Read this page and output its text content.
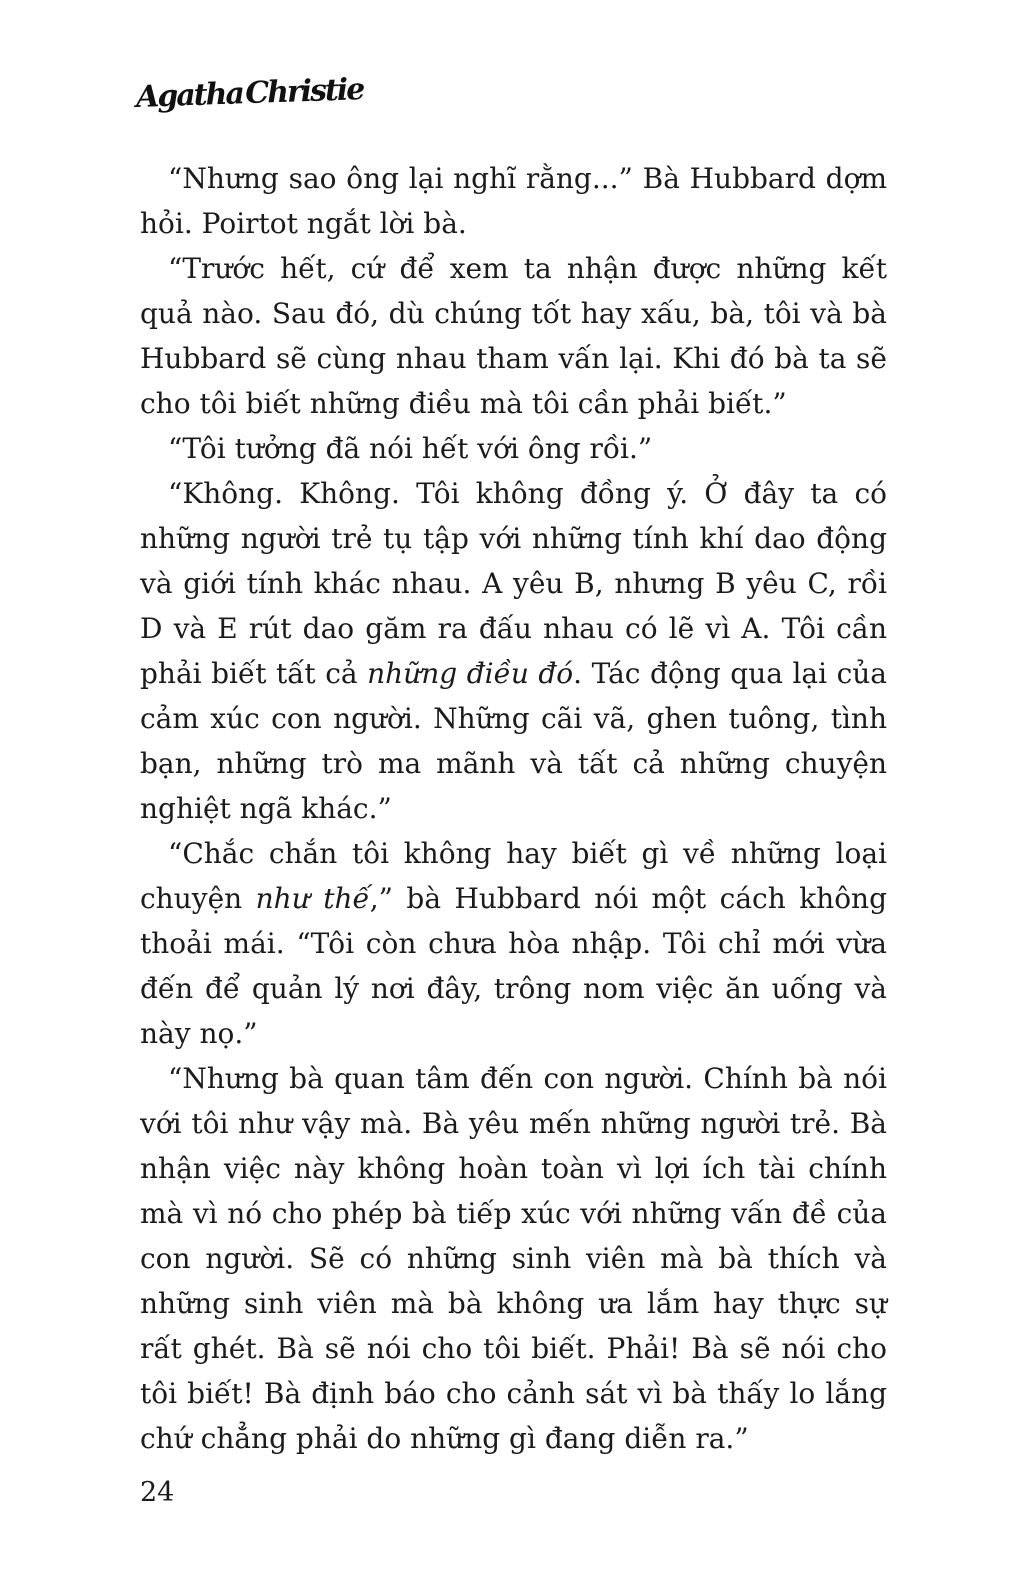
Agatha Christie

“Nhưng sao ông lại nghĩ rằng...” Bà Hubbard dợm hỏi. Poirtot ngắt lời bà.

“Trước hết, cứ để xem ta nhận được những kết quả nào. Sau đó, dù chúng tốt hay xấu, bà, tôi và bà Hubbard sẽ cùng nhau tham vấn lại. Khi đó bà ta sẽ cho tôi biết những điều mà tôi cần phải biết.”

“Tôi tưởng đã nói hết với ông rồi.”

“Không. Không. Tôi không đồng ý. Ở đây ta có những người trẻ tụ tập với những tính khí dao động và giới tính khác nhau. A yêu B, nhưng B yêu C, rồi D và E rút dao găm ra đấu nhau có lẽ vì A. Tôi cần phải biết tất cả những điều đó. Tác động qua lại của cảm xúc con người. Những cãi vã, ghen tuông, tình bạn, những trò ma mãnh và tất cả những chuyện nghiệt ngã khác.”

“Chắc chắn tôi không hay biết gì về những loại chuyện như thế,” bà Hubbard nói một cách không thoải mái. “Tôi còn chưa hòa nhập. Tôi chỉ mới vừa đến để quản lý nơi đây, trông nom việc ăn uống và này nọ.”

“Nhưng bà quan tâm đến con người. Chính bà nói với tôi như vậy mà. Bà yêu mến những người trẻ. Bà nhận việc này không hoàn toàn vì lợi ích tài chính mà vì nó cho phép bà tiếp xúc với những vấn đề của con người. Sẽ có những sinh viên mà bà thích và những sinh viên mà bà không ưa lắm hay thực sự rất ghét. Bà sẽ nói cho tôi biết. Phải! Bà sẽ nói cho tôi biết! Bà định báo cho cảnh sát vì bà thấy lo lắng chứ chẳng phải do những gì đang diễn ra.”

24
